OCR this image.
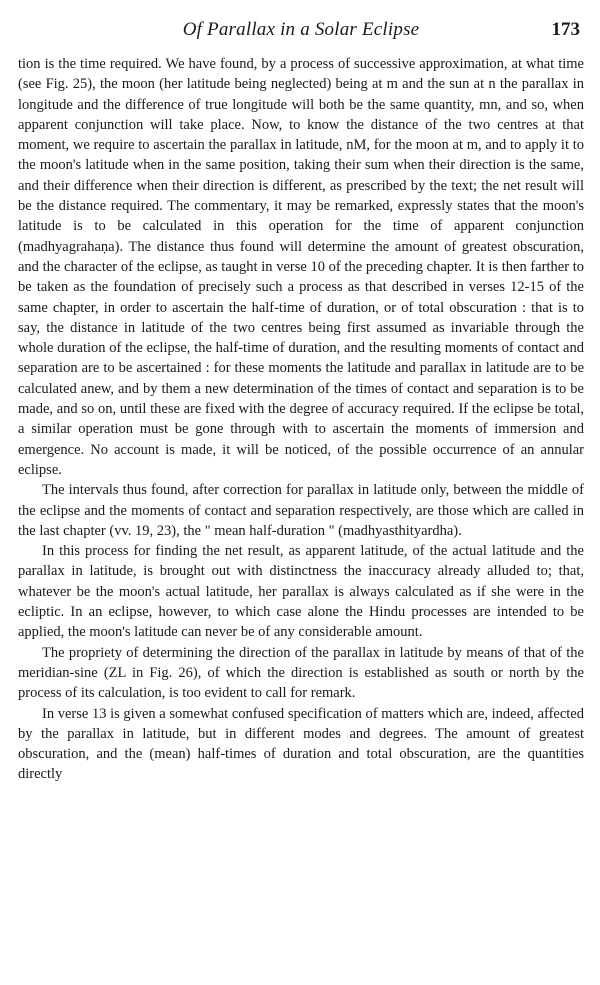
Of Parallax in a Solar Eclipse	173

tion is the time required. We have found, by a process of successive approximation, at what time (see Fig. 25), the moon (her latitude being neglected) being at m and the sun at n the parallax in longitude and the difference of true longitude will both be the same quantity, mn, and so, when apparent conjunction will take place. Now, to know the distance of the two centres at that moment, we require to ascertain the parallax in latitude, nM, for the moon at m, and to apply it to the moon's latitude when in the same position, taking their sum when their direction is the same, and their difference when their direction is different, as prescribed by the text; the net result will be the distance required. The commentary, it may be remarked, expressly states that the moon's latitude is to be calculated in this operation for the time of apparent conjunction (madhyagrahaṇa). The distance thus found will determine the amount of greatest obscuration, and the character of the eclipse, as taught in verse 10 of the preceding chapter. It is then farther to be taken as the foundation of precisely such a process as that described in verses 12-15 of the same chapter, in order to ascertain the half-time of duration, or of total obscuration : that is to say, the distance in latitude of the two centres being first assumed as invariable through the whole duration of the eclipse, the half-time of duration, and the resulting moments of contact and separation are to be ascertained : for these moments the latitude and parallax in latitude are to be calculated anew, and by them a new determination of the times of contact and separation is to be made, and so on, until these are fixed with the degree of accuracy required. If the eclipse be total, a similar operation must be gone through with to ascertain the moments of immersion and emergence. No account is made, it will be noticed, of the possible occurrence of an annular eclipse.

The intervals thus found, after correction for parallax in latitude only, between the middle of the eclipse and the moments of contact and separation respectively, are those which are called in the last chapter (vv. 19, 23), the " mean half-duration " (madhyasthityardha).

In this process for finding the net result, as apparent latitude, of the actual latitude and the parallax in latitude, is brought out with distinctness the inaccuracy already alluded to; that, whatever be the moon's actual latitude, her parallax is always calculated as if she were in the ecliptic. In an eclipse, however, to which case alone the Hindu processes are intended to be applied, the moon's latitude can never be of any considerable amount.

The propriety of determining the direction of the parallax in latitude by means of that of the meridian-sine (ZL in Fig. 26), of which the direction is established as south or north by the process of its calculation, is too evident to call for remark.

In verse 13 is given a somewhat confused specification of matters which are, indeed, affected by the parallax in latitude, but in different modes and degrees. The amount of greatest obscuration, and the (mean) half-times of duration and total obscuration, are the quantities directly
